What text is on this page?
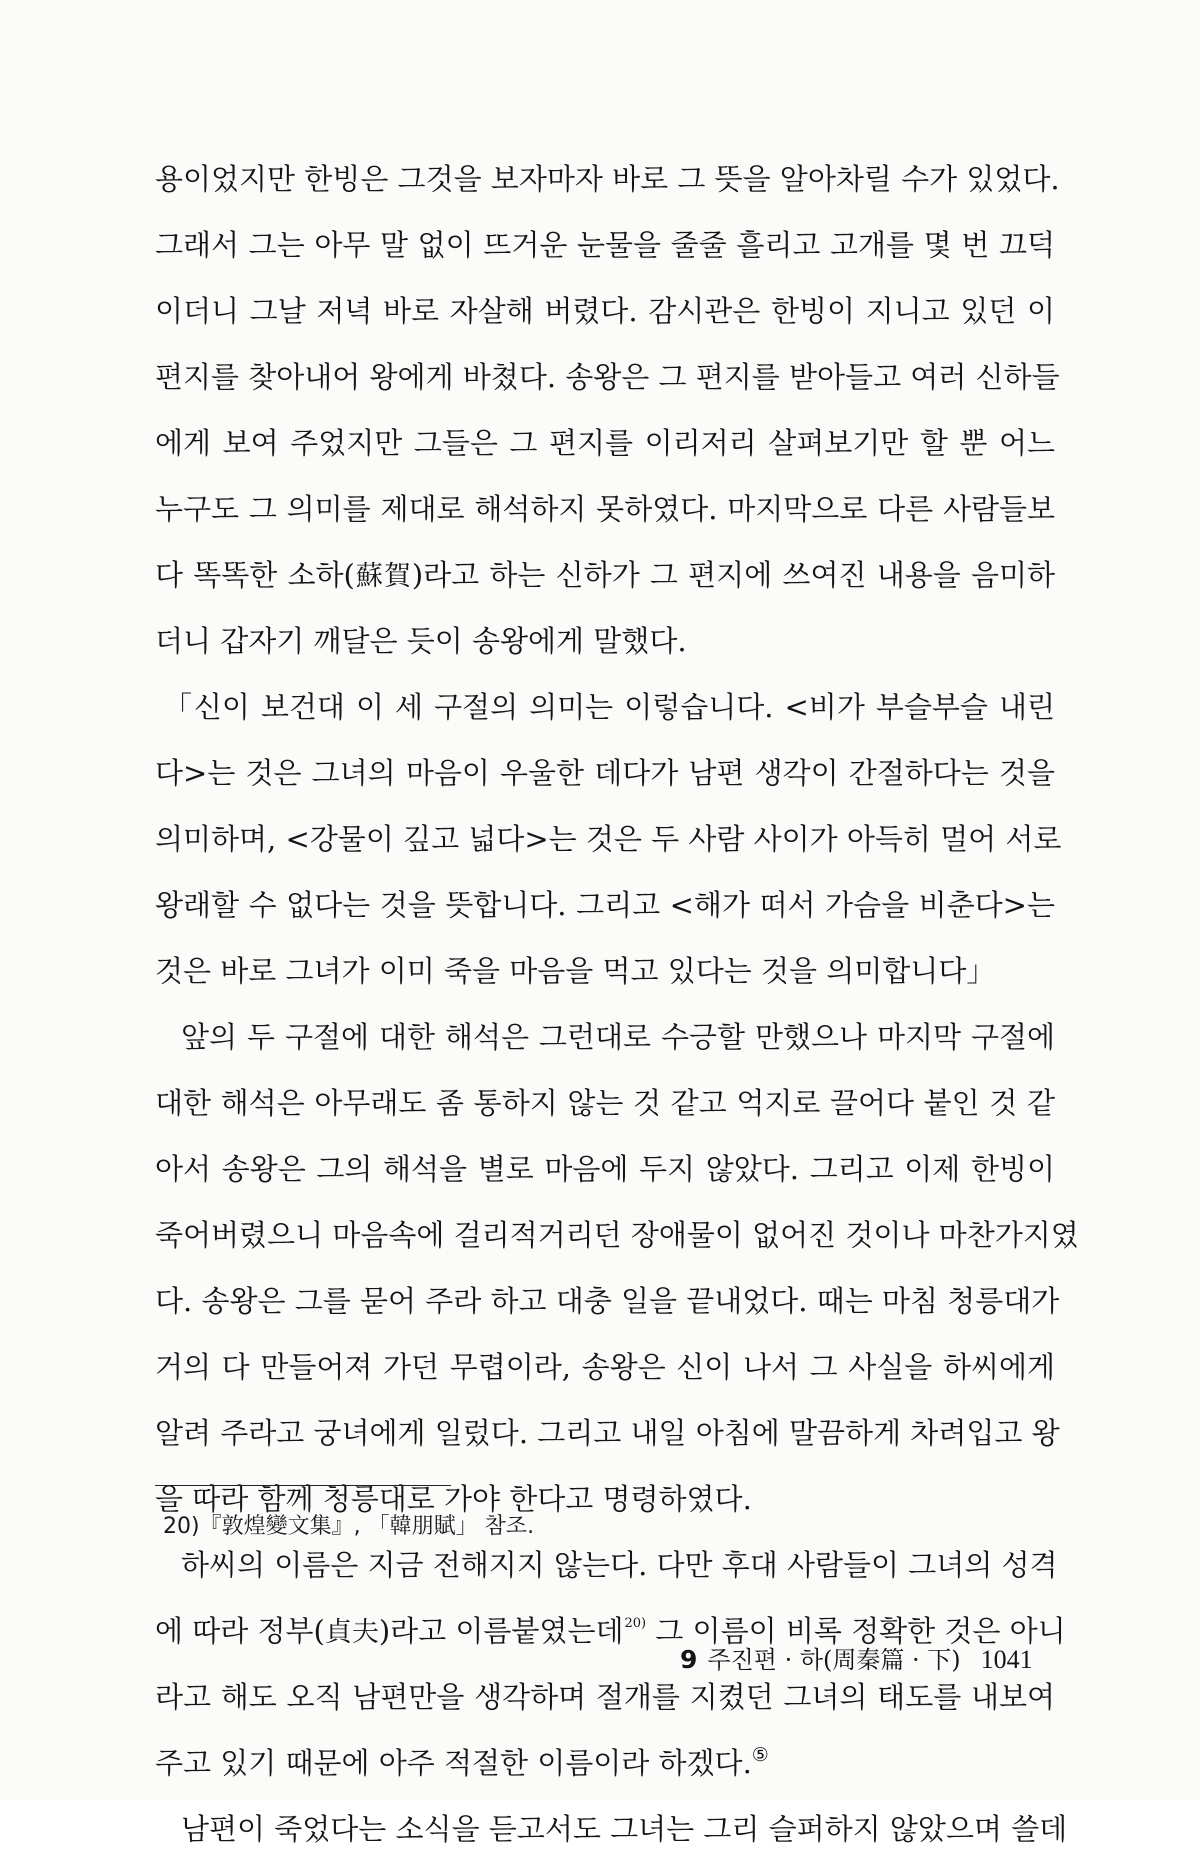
용이었지만 한빙은 그것을 보자마자 바로 그 뜻을 알아차릴 수가 있었다.
그래서 그는 아무 말 없이 뜨거운 눈물을 줄줄 흘리고 고개를 몇 번 끄덕
이더니 그날 저녁 바로 자살해 버렸다. 감시관은 한빙이 지니고 있던 이
편지를 찾아내어 왕에게 바쳤다. 송왕은 그 편지를 받아들고 여러 신하들
에게 보여 주었지만 그들은 그 편지를 이리저리 살펴보기만 할 뿐 어느
누구도 그 의미를 제대로 해석하지 못하였다. 마지막으로 다른 사람들보
다 똑똑한 소하(蘇賀)라고 하는 신하가 그 편지에 쓰여진 내용을 음미하
더니 갑자기 깨달은 듯이 송왕에게 말했다.
「신이 보건대 이 세 구절의 의미는 이렇습니다. <비가 부슬부슬 내린
다>는 것은 그녀의 마음이 우울한 데다가 남편 생각이 간절하다는 것을
의미하며, <강물이 깊고 넓다>는 것은 두 사람 사이가 아득히 멀어 서로
왕래할 수 없다는 것을 뜻합니다. 그리고 <해가 떠서 가슴을 비춘다>는
것은 바로 그녀가 이미 죽을 마음을 먹고 있다는 것을 의미합니다」
앞의 두 구절에 대한 해석은 그런대로 수긍할 만했으나 마지막 구절에
대한 해석은 아무래도 좀 통하지 않는 것 같고 억지로 끌어다 붙인 것 같
아서 송왕은 그의 해석을 별로 마음에 두지 않았다. 그리고 이제 한빙이
죽어버렸으니 마음속에 걸리적거리던 장애물이 없어진 것이나 마찬가지였
다. 송왕은 그를 묻어 주라 하고 대충 일을 끝내었다. 때는 마침 청릉대가
거의 다 만들어져 가던 무렵이라, 송왕은 신이 나서 그 사실을 하씨에게
알려 주라고 궁녀에게 일렀다. 그리고 내일 아침에 말끔하게 차려입고 왕
을 따라 함께 청릉대로 가야 한다고 명령하였다.
하씨의 이름은 지금 전해지지 않는다. 다만 후대 사람들이 그녀의 성격
에 따라 정부(貞夫)라고 이름붙였는데$^{20)}$ 그 이름이 비록 정확한 것은 아니
라고 해도 오직 남편만을 생각하며 절개를 지켰던 그녀의 태도를 내보여
주고 있기 때문에 아주 적절한 이름이라 하겠다.⑤
남편이 죽었다는 소식을 듣고서도 그녀는 그리 슬퍼하지 않았으며 쓸데
20)『敦煌變文集』, 「韓朋賦」 참조.
9 주진편 · 하(周秦篇 · 下) 1041
